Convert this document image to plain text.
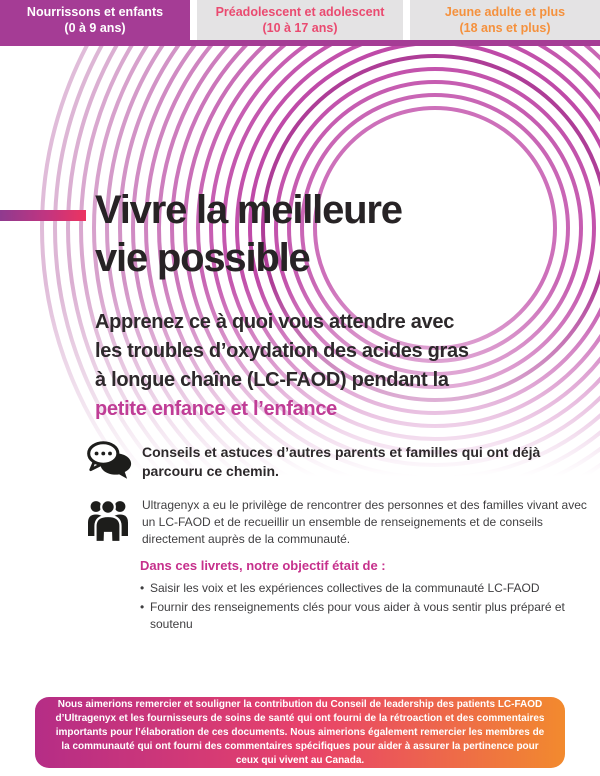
Nourrissons et enfants
(0 à 9 ans)
Préadolescent et adolescent
(10 à 17 ans)
Jeune adulte et plus
(18 ans et plus)
Vivre la meilleure
vie possible
Apprenez ce à quoi vous attendre avec
les troubles d’oxydation des acides gras
à longue chaîne (LC-FAOD) pendant la
petite enfance et l’enfance
Conseils et astuces d’autres parents et familles qui ont déjà parcouru ce chemin.
Ultragenyx a eu le privilège de rencontrer des personnes et des familles vivant avec un LC-FAOD et de recueillir un ensemble de renseignements et de conseils directement auprès de la communauté.

Dans ces livrets, notre objectif était de :

• Saisir les voix et les expériences collectives de la communauté LC-FAOD
• Fournir des renseignements clés pour vous aider à vous sentir plus préparé et soutenu
Nous aimerions remercier et souligner la contribution du Conseil de leadership des patients LC-FAOD d’Ultragenyx et les fournisseurs de soins de santé qui ont fourni de la rétroaction et des commentaires importants pour l’élaboration de ces documents. Nous aimerions également remercier les membres de la communauté qui ont fourni des commentaires spécifiques pour aider à assurer la pertinence pour ceux qui vivent au Canada.
